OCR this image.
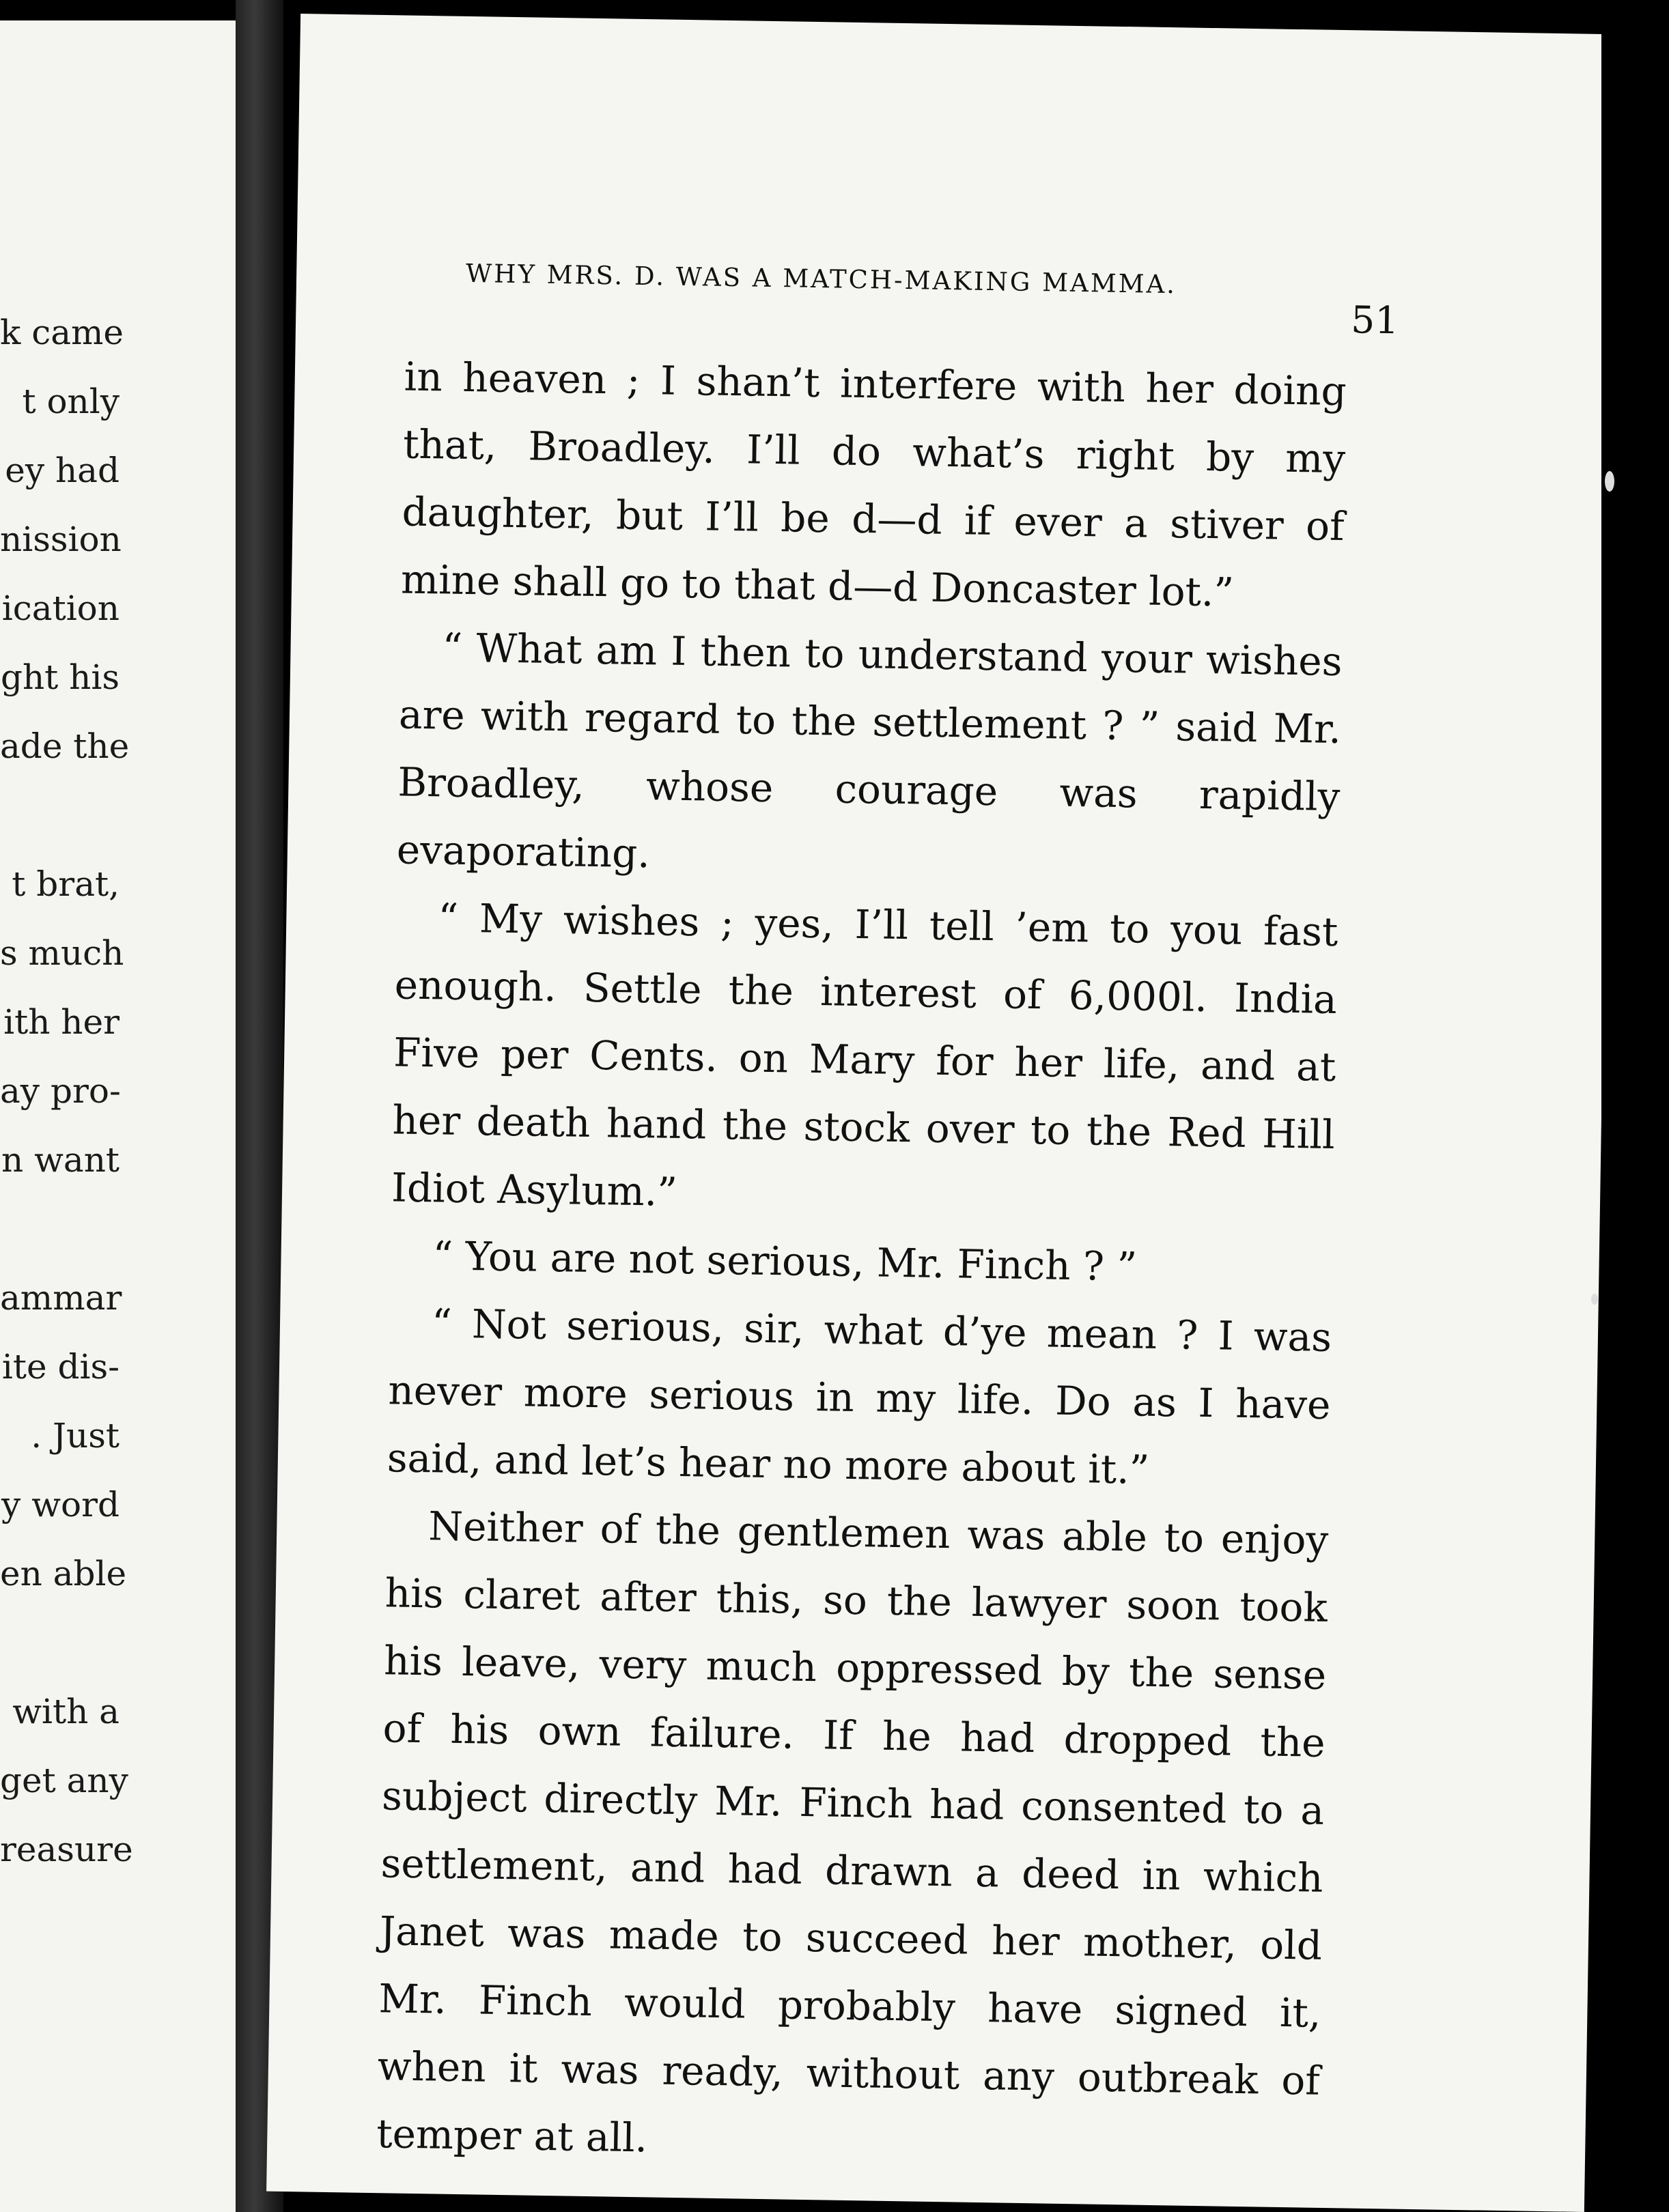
k came
t only
ey had
nission
ication
ght his
ade the
t brat,
s much
ith her
ay pro-
n want
ammar
ite dis-
. Just
y word
en able
with a
get any
reasure
WHY MRS. D. WAS A MATCH-MAKING MAMMA.
51

in heaven ; I shan’t interfere with her doing that, Broadley. I’ll do what’s right by my daughter, but I’ll be d—d if ever a stiver of mine shall go to that d—d Doncaster lot.”

“ What am I then to understand your wishes are with regard to the settlement ? ” said Mr. Broadley, whose courage was rapidly evaporating.

“ My wishes ; yes, I’ll tell ’em to you fast enough. Settle the interest of 6,000l. India Five per Cents. on Mary for her life, and at her death hand the stock over to the Red Hill Idiot Asylum.”

“ You are not serious, Mr. Finch ? ”

“ Not serious, sir, what d’ye mean ? I was never more serious in my life. Do as I have said, and let’s hear no more about it.”

Neither of the gentlemen was able to enjoy his claret after this, so the lawyer soon took his leave, very much oppressed by the sense of his own failure. If he had dropped the subject directly Mr. Finch had consented to a settlement, and had drawn a deed in which Janet was made to succeed her mother, old Mr. Finch would probably have signed it, when it was ready, without any outbreak of temper at all.
